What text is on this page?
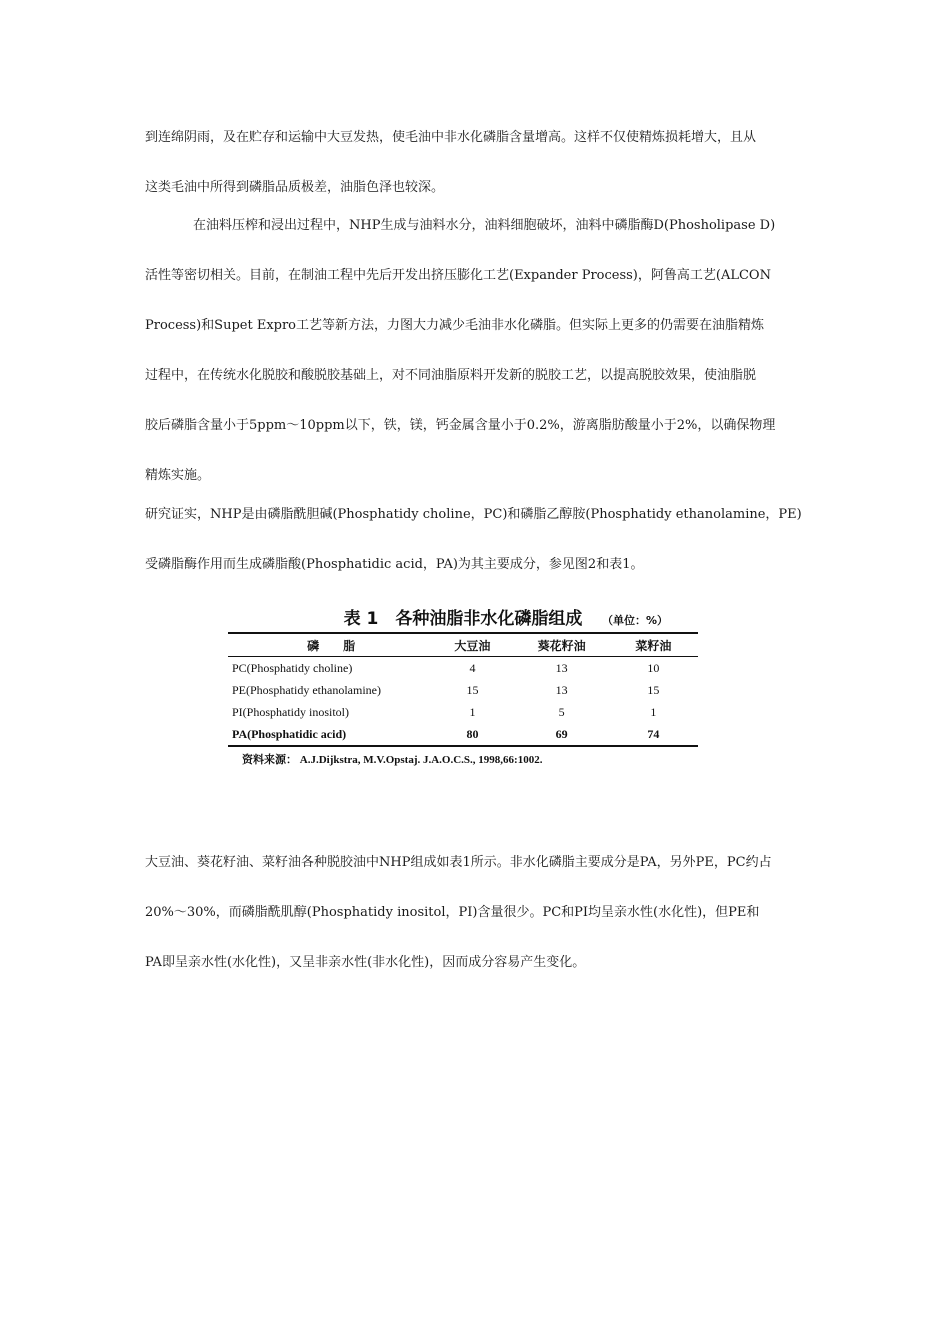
到连绵阴雨，及在贮存和运输中大豆发热，使毛油中非水化磷脂含量增高。这样不仅使精炼损耗增大，且从
这类毛油中所得到磷脂品质极差，油脂色泽也较深。
在油料压榨和浸出过程中，NHP生成与油料水分，油料细胞破坏，油料中磷脂酶D(Phosholipase D)
活性等密切相关。目前，在制油工程中先后开发出挤压膨化工艺(Expander Process)，阿鲁高工艺(ALCON
Process)和Supet Expro工艺等新方法，力图大力减少毛油非水化磷脂。但实际上更多的仍需要在油脂精炼
过程中，在传统水化脱胶和酸脱胶基础上，对不同油脂原料开发新的脱胶工艺，以提高脱胶效果，使油脂脱
胶后磷脂含量小于5ppm～10ppm以下，铁，镁，钙金属含量小于0.2%，游离脂肪酸量小于2%，以确保物理
精炼实施。
研究证实，NHP是由磷脂酰胆碱(Phosphatidy choline，PC)和磷脂乙醇胺(Phosphatidy ethanolamine，PE)
受磷脂酶作用而生成磷脂酸(Phosphatidic acid，PA)为其主要成分，参见图2和表1。
表 1　各种油脂非水化磷脂组成 （单位：%）
磷　　脂	大豆油	葵花籽油	菜籽油
PC(Phosphatidy choline)	4	13	10
PE(Phosphatidy ethanolamine)	15	13	15
PI(Phosphatidy inositol)	1	5	1
PA(Phosphatidic acid)	80	69	74
资料来源： A.J.Dijkstra, M.V.Opstaj. J.A.O.C.S., 1998,66:1002.
大豆油、葵花籽油、菜籽油各种脱胶油中NHP组成如表1所示。非水化磷脂主要成分是PA，另外PE，PC约占
20%～30%，而磷脂酰肌醇(Phosphatidy inositol，PI)含量很少。PC和PI均呈亲水性(水化性)，但PE和
PA即呈亲水性(水化性)，又呈非亲水性(非水化性)，因而成分容易产生变化。
